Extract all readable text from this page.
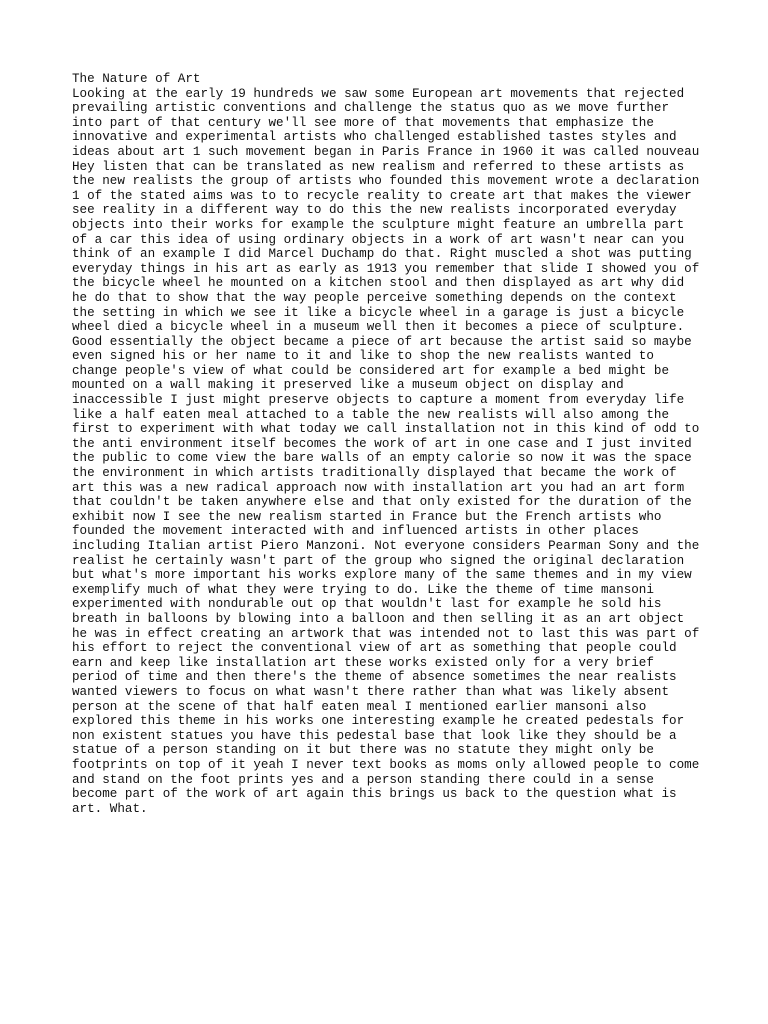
The Nature of Art

Looking at the early 19 hundreds we saw some European art movements that rejected

prevailing artistic conventions and challenge the status quo as we move further

into part of that century we'll see more of that movements that emphasize the

innovative and experimental artists who challenged established tastes styles and

ideas about art 1 such movement began in Paris France in 1960 it was called nouveau

Hey listen that can be translated as new realism and referred to these artists as

the new realists the group of artists who founded this movement wrote a declaration

1 of the stated aims was to to recycle reality to create art that makes the viewer

see reality in a different way to do this the new realists incorporated everyday

objects into their works for example the sculpture might feature an umbrella part

of a car this idea of using ordinary objects in a work of art wasn't near can you

think of an example I did Marcel Duchamp do that. Right muscled a shot was putting

everyday things in his art as early as 1913 you remember that slide I showed you of

the bicycle wheel he mounted on a kitchen stool and then displayed as art why did

he do that to show that the way people perceive something depends on the context

the setting in which we see it like a bicycle wheel in a garage is just a bicycle

wheel died a bicycle wheel in a museum well then it becomes a piece of sculpture.

Good essentially the object became a piece of art because the artist said so maybe

even signed his or her name to it and like to shop the new realists wanted to

change people's view of what could be considered art for example a bed might be

mounted on a wall making it preserved like a museum object on display and

inaccessible I just might preserve objects to capture a moment from everyday life

like a half eaten meal attached to a table the new realists will also among the

first to experiment with what today we call installation not in this kind of odd to

the anti environment itself becomes the work of art in one case and I just invited

the public to come view the bare walls of an empty calorie so now it was the space

the environment in which artists traditionally displayed that became the work of

art this was a new radical approach now with installation art you had an art form

that couldn't be taken anywhere else and that only existed for the duration of the

exhibit now I see the new realism started in France but the French artists who

founded the movement interacted with and influenced artists in other places

including Italian artist Piero Manzoni. Not everyone considers Pearman Sony and the

realist he certainly wasn't part of the group who signed the original declaration

but what's more important his works explore many of the same themes and in my view

exemplify much of what they were trying to do. Like the theme of time mansoni

experimented with nondurable out op that wouldn't last for example he sold his

breath in balloons by blowing into a balloon and then selling it as an art object

he was in effect creating an artwork that was intended not to last this was part of

his effort to reject the conventional view of art as something that people could

earn and keep like installation art these works existed only for a very brief

period of time and then there's the theme of absence sometimes the near realists

wanted viewers to focus on what wasn't there rather than what was likely absent

person at the scene of that half eaten meal I mentioned earlier mansoni also

explored this theme in his works one interesting example he created pedestals for

non existent statues you have this pedestal base that look like they should be a

statue of a person standing on it but there was no statute they might only be

footprints on top of it yeah I never text books as moms only allowed people to come

and stand on the foot prints yes and a person standing there could in a sense

become part of the work of art again this brings us back to the question what is

art. What.
